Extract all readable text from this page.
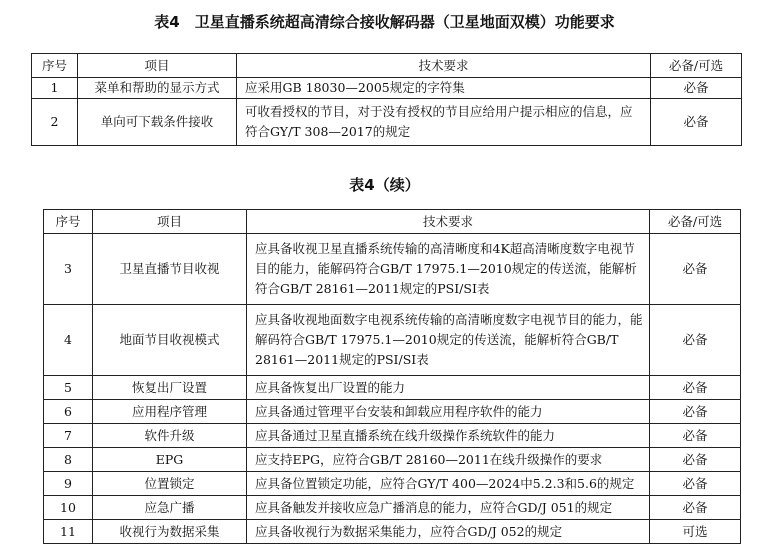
表4　卫星直播系统超高清综合接收解码器（卫星地面双模）功能要求
序号	项目	技术要求	必备/可选
1	菜单和帮助的显示方式	应采用GB 18030—2005规定的字符集	必备
2	单向可下载条件接收	可收看授权的节目，对于没有授权的节目应给用户提示相应的信息，应符合GY/T 308—2017的规定	必备
表4（续）
序号	项目	技术要求	必备/可选
3	卫星直播节目收视	应具备收视卫星直播系统传输的高清晰度和4K超高清晰度数字电视节目的能力，能解码符合GB/T 17975.1—2010规定的传送流，能解析符合GB/T 28161—2011规定的PSI/SI表	必备
4	地面节目收视模式	应具备收视地面数字电视系统传输的高清晰度数字电视节目的能力，能解码符合GB/T 17975.1—2010规定的传送流，能解析符合GB/T 28161—2011规定的PSI/SI表	必备
5	恢复出厂设置	应具备恢复出厂设置的能力	必备
6	应用程序管理	应具备通过管理平台安装和卸载应用程序软件的能力	必备
7	软件升级	应具备通过卫星直播系统在线升级操作系统软件的能力	必备
8	EPG	应支持EPG，应符合GB/T 28160—2011在线升级操作的要求	必备
9	位置锁定	应具备位置锁定功能，应符合GY/T 400—2024中5.2.3和5.6的规定	必备
10	应急广播	应具备触发并接收应急广播消息的能力，应符合GD/J 051的规定	必备
11	收视行为数据采集	应具备收视行为数据采集能力，应符合GD/J 052的规定	可选
